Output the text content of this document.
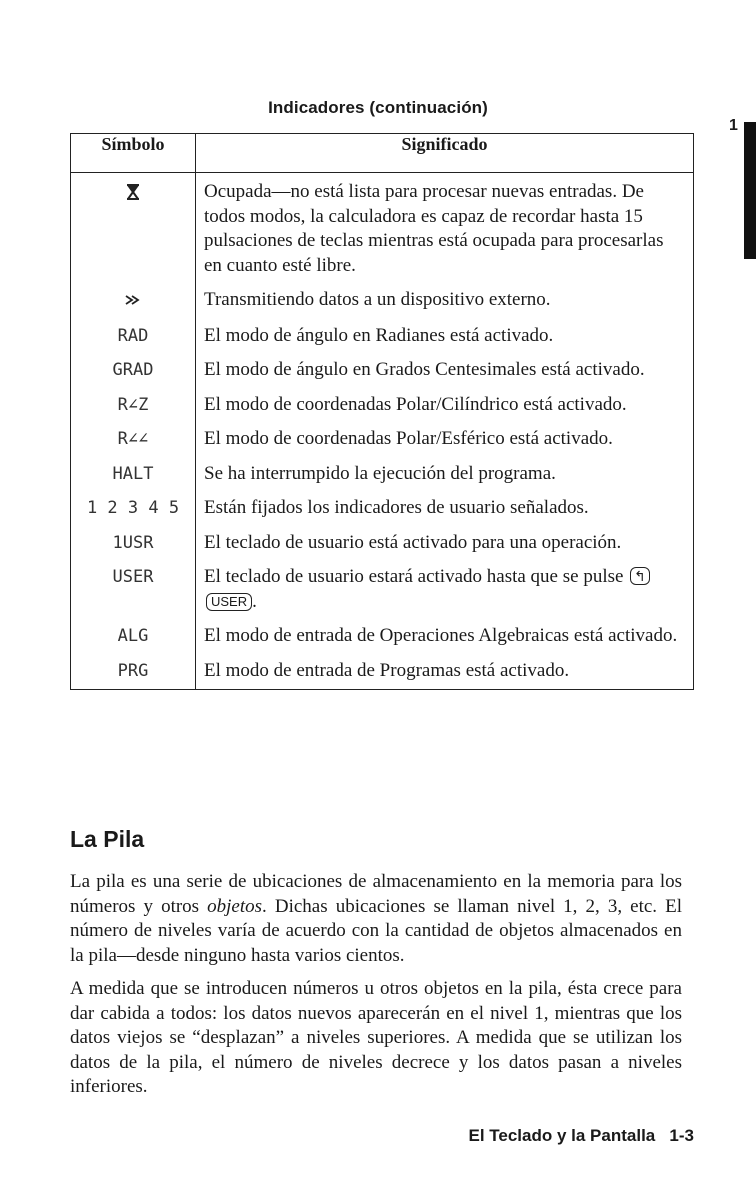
Indicadores (continuación)
1
Símbolo	Significado
	Ocupada—no está lista para procesar nuevas entradas. De todos modos, la calculadora es capaz de recordar hasta 15 pulsaciones de teclas mientras está ocupada para procesarlas en cuanto esté libre.
	Transmitiendo datos a un dispositivo externo.
RAD	El modo de ángulo en Radianes está activado.
GRAD	El modo de ángulo en Grados Centesimales está activado.
R∠Z	El modo de coordenadas Polar/Cilíndrico está activado.
R∠∠	El modo de coordenadas Polar/Esférico está activado.
HALT	Se ha interrumpido la ejecución del programa.
1 2 3 4 5	Están fijados los indicadores de usuario señalados.
1USR	El teclado de usuario está activado para una operación.
USER	El teclado de usuario estará activado hasta que se pulse ↰USER .
ALG	El modo de entrada de Operaciones Algebraicas está activado.
PRG	El modo de entrada de Programas está activado.
La Pila

La pila es una serie de ubicaciones de almacenamiento en la memoria para los números y otros objetos. Dichas ubicaciones se llaman nivel 1, 2, 3, etc. El número de niveles varía de acuerdo con la cantidad de objetos almacenados en la pila—desde ninguno hasta varios cientos.

A medida que se introducen números u otros objetos en la pila, ésta crece para dar cabida a todos: los datos nuevos aparecerán en el nivel 1, mientras que los datos viejos se “desplazan” a niveles superiores. A medida que se utilizan los datos de la pila, el número de niveles decrece y los datos pasan a niveles inferiores.

El Teclado y la Pantalla 1-3
